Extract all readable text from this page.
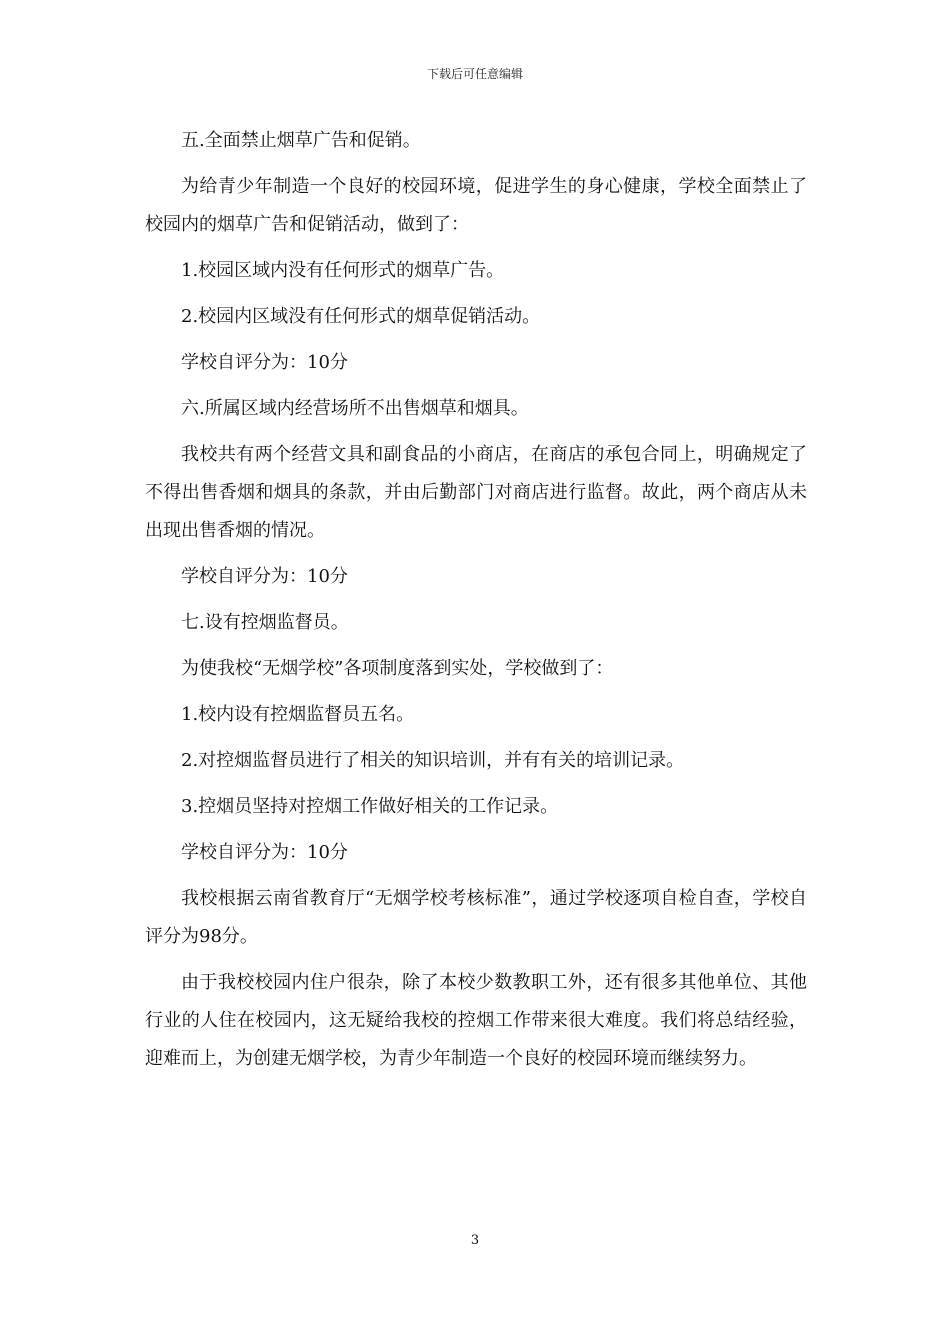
下载后可任意编辑

五.全面禁止烟草广告和促销。

为给青少年制造一个良好的校园环境，促进学生的身心健康，学校全面禁止了校园内的烟草广告和促销活动，做到了：

1.校园区域内没有任何形式的烟草广告。

2.校园内区域没有任何形式的烟草促销活动。

学校自评分为：10分

六.所属区域内经营场所不出售烟草和烟具。

我校共有两个经营文具和副食品的小商店，在商店的承包合同上，明确规定了不得出售香烟和烟具的条款，并由后勤部门对商店进行监督。故此，两个商店从未出现出售香烟的情况。

学校自评分为：10分

七.设有控烟监督员。

为使我校“无烟学校”各项制度落到实处，学校做到了：

1.校内设有控烟监督员五名。

2.对控烟监督员进行了相关的知识培训，并有有关的培训记录。

3.控烟员坚持对控烟工作做好相关的工作记录。

学校自评分为：10分

我校根据云南省教育厅“无烟学校考核标准”，通过学校逐项自检自查，学校自评分为98分。

由于我校校园内住户很杂，除了本校少数教职工外，还有很多其他单位、其他行业的人住在校园内，这无疑给我校的控烟工作带来很大难度。我们将总结经验，迎难而上，为创建无烟学校，为青少年制造一个良好的校园环境而继续努力。

3
